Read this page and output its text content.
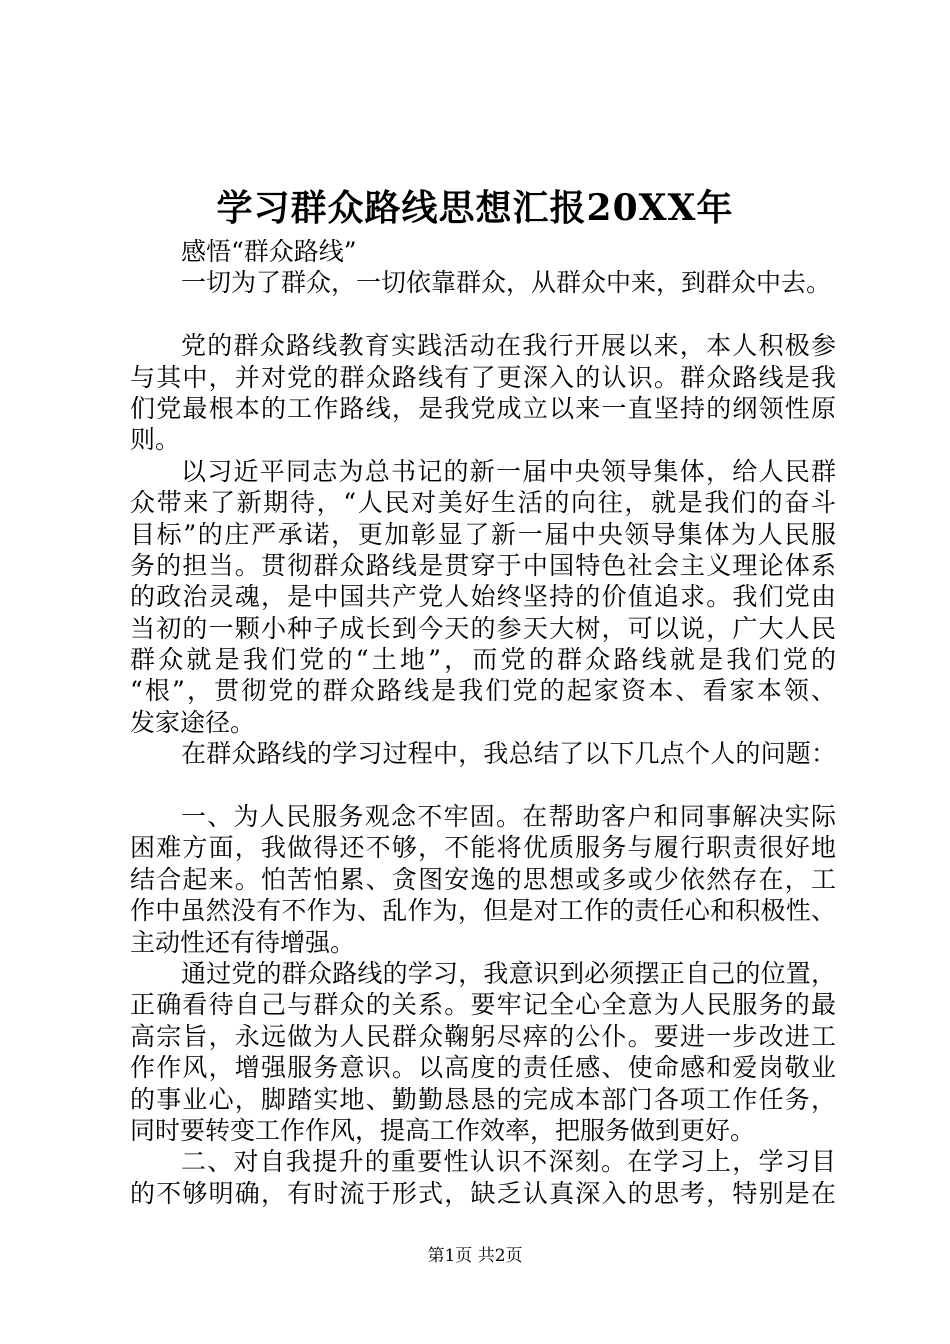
学习群众路线思想汇报20XX年
感悟“群众路线”
一切为了群众，一切依靠群众，从群众中来，到群众中去。
党的群众路线教育实践活动在我行开展以来，本人积极参
与其中，并对党的群众路线有了更深入的认识。群众路线是我
们党最根本的工作路线，是我党成立以来一直坚持的纲领性原
则。
以习近平同志为总书记的新一届中央领导集体，给人民群
众带来了新期待，“人民对美好生活的向往，就是我们的奋斗
目标”的庄严承诺，更加彰显了新一届中央领导集体为人民服
务的担当。贯彻群众路线是贯穿于中国特色社会主义理论体系
的政治灵魂，是中国共产党人始终坚持的价值追求。我们党由
当初的一颗小种子成长到今天的参天大树，可以说，广大人民
群众就是我们党的“土地”，而党的群众路线就是我们党的
“根”，贯彻党的群众路线是我们党的起家资本、看家本领、
发家途径。
在群众路线的学习过程中，我总结了以下几点个人的问题：
一、为人民服务观念不牢固。在帮助客户和同事解决实际
困难方面，我做得还不够，不能将优质服务与履行职责很好地
结合起来。怕苦怕累、贪图安逸的思想或多或少依然存在，工
作中虽然没有不作为、乱作为，但是对工作的责任心和积极性、
主动性还有待增强。
通过党的群众路线的学习，我意识到必须摆正自己的位置，
正确看待自己与群众的关系。要牢记全心全意为人民服务的最
高宗旨，永远做为人民群众鞠躬尽瘁的公仆。要进一步改进工
作作风，增强服务意识。以高度的责任感、使命感和爱岗敬业
的事业心，脚踏实地、勤勤恳恳的完成本部门各项工作任务，
同时要转变工作作风，提高工作效率，把服务做到更好。
二、对自我提升的重要性认识不深刻。在学习上，学习目
的不够明确，有时流于形式，缺乏认真深入的思考，特别是在
第1页 共2页
